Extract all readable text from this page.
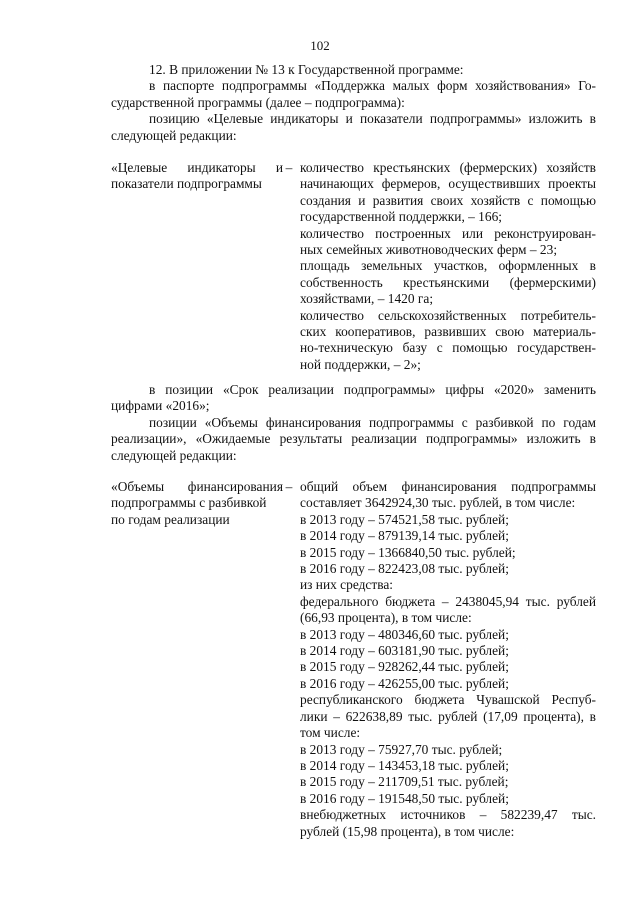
102
12. В приложении № 13 к Государственной программе:
в паспорте подпрограммы «Поддержка малых форм хозяйствования» Го-
сударственной программы (далее – подпрограмма):
позицию «Целевые индикаторы и показатели подпрограммы» изложить в
следующей редакции:
«Целевые индикаторы и
показатели подпрограммы
– количество крестьянских (фермерских) хозяйств
начинающих фермеров, осуществивших проекты
создания и развития своих хозяйств с помощью
государственной поддержки, – 166;
количество построенных или реконструирован-
ных семейных животноводческих ферм – 23;
площадь земельных участков, оформленных в
собственность крестьянскими (фермерскими)
хозяйствами, – 1420 га;
количество сельскохозяйственных потребитель-
ских кооперативов, развивших свою материаль-
но-техническую базу с помощью государствен-
ной поддержки, – 2»;
в позиции «Срок реализации подпрограммы» цифры «2020» заменить
цифрами «2016»;
позиции «Объемы финансирования подпрограммы с разбивкой по годам
реализации», «Ожидаемые результаты реализации подпрограммы» изложить в
следующей редакции:
«Объемы финансирования
подпрограммы с разбивкой
по годам реализации
– общий объем финансирования подпрограммы
составляет 3642924,30 тыс. рублей, в том числе:
в 2013 году – 574521,58 тыс. рублей;
в 2014 году – 879139,14 тыс. рублей;
в 2015 году – 1366840,50 тыс. рублей;
в 2016 году – 822423,08 тыс. рублей;
из них средства:
федерального бюджета – 2438045,94 тыс. рублей
(66,93 процента), в том числе:
в 2013 году – 480346,60 тыс. рублей;
в 2014 году – 603181,90 тыс. рублей;
в 2015 году – 928262,44 тыс. рублей;
в 2016 году – 426255,00 тыс. рублей;
республиканского бюджета Чувашской Респуб-
лики – 622638,89 тыс. рублей (17,09 процента), в
том числе:
в 2013 году – 75927,70 тыс. рублей;
в 2014 году – 143453,18 тыс. рублей;
в 2015 году – 211709,51 тыс. рублей;
в 2016 году – 191548,50 тыс. рублей;
внебюджетных источников – 582239,47 тыс.
рублей (15,98 процента), в том числе:
